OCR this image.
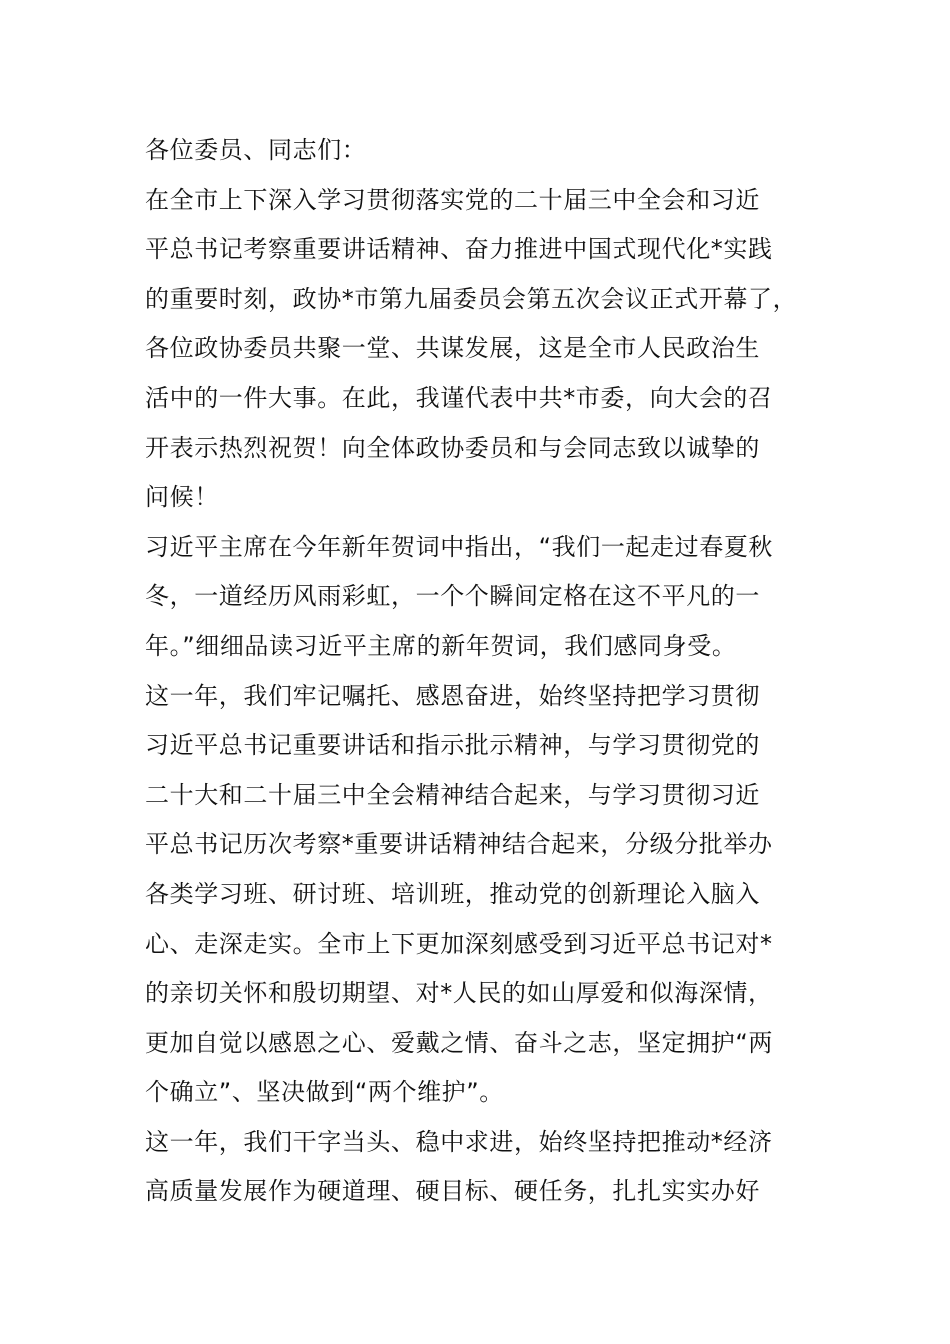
各位委员、同志们：
在全市上下深入学习贯彻落实党的二十届三中全会和习近
平总书记考察重要讲话精神、奋力推进中国式现代化*实践
的重要时刻，政协*市第九届委员会第五次会议正式开幕了，
各位政协委员共聚一堂、共谋发展，这是全市人民政治生
活中的一件大事。在此，我谨代表中共*市委，向大会的召
开表示热烈祝贺！向全体政协委员和与会同志致以诚挚的
问候！
习近平主席在今年新年贺词中指出，“我们一起走过春夏秋
冬，一道经历风雨彩虹，一个个瞬间定格在这不平凡的一
年。”细细品读习近平主席的新年贺词，我们感同身受。
这一年，我们牢记嘱托、感恩奋进，始终坚持把学习贯彻
习近平总书记重要讲话和指示批示精神，与学习贯彻党的
二十大和二十届三中全会精神结合起来，与学习贯彻习近
平总书记历次考察*重要讲话精神结合起来，分级分批举办
各类学习班、研讨班、培训班，推动党的创新理论入脑入
心、走深走实。全市上下更加深刻感受到习近平总书记对*
的亲切关怀和殷切期望、对*人民的如山厚爱和似海深情，
更加自觉以感恩之心、爱戴之情、奋斗之志，坚定拥护“两
个确立”、坚决做到“两个维护”。
这一年，我们干字当头、稳中求进，始终坚持把推动*经济
高质量发展作为硬道理、硬目标、硬任务，扎扎实实办好
